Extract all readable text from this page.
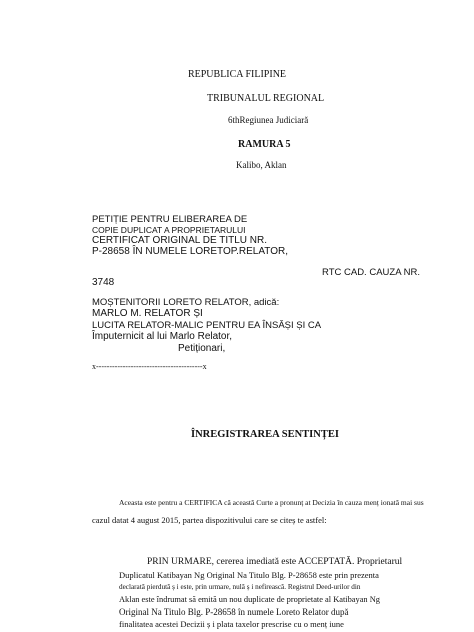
REPUBLICA FILIPINE
TRIBUNALUL REGIONAL
6thRegiunea Judiciară
RAMURA 5
Kalibo, Aklan
PETIȚIE PENTRU ELIBERAREA DE
COPIE DUPLICAT A PROPRIETARULUI
CERTIFICAT ORIGINAL DE TITLU NR.
P-28658 ÎN NUMELE LORETOP.RELATOR,
RTC CAD. CAUZA NR.
3748
MOȘTENITORII LORETO RELATOR, adică:
MARLO M. RELATOR ȘI
LUCITA RELATOR-MALIC PENTRU EA ÎNSĂȘI ȘI CA
Împuternicit al lui Marlo Relator,
Petiționari,
x----------------------------------------x
ÎNREGISTRAREA SENTINȚEI
Aceasta este pentru a CERTIFICA că această Curte a pronunț at Decizia în cauza menț ionată mai sus
cazul datat 4 august 2015, partea dispozitivului care se citeș te astfel:
PRIN URMARE, cererea imediată este ACCEPTATĂ. Proprietarul
Duplicatul Katibayan Ng Original Na Titulo Blg. P-28658 este prin prezenta
declarată pierdută ș i este, prin urmare, nulă ș i nefirească. Registrul Deed-urilor din
Aklan este îndrumat să emită un nou duplicate de proprietate al Katibayan Ng
Original Na Titulo Blg. P-28658 în numele Loreto Relator după
finalitatea acestei Decizii ș i plata taxelor prescrise cu o menț iune
